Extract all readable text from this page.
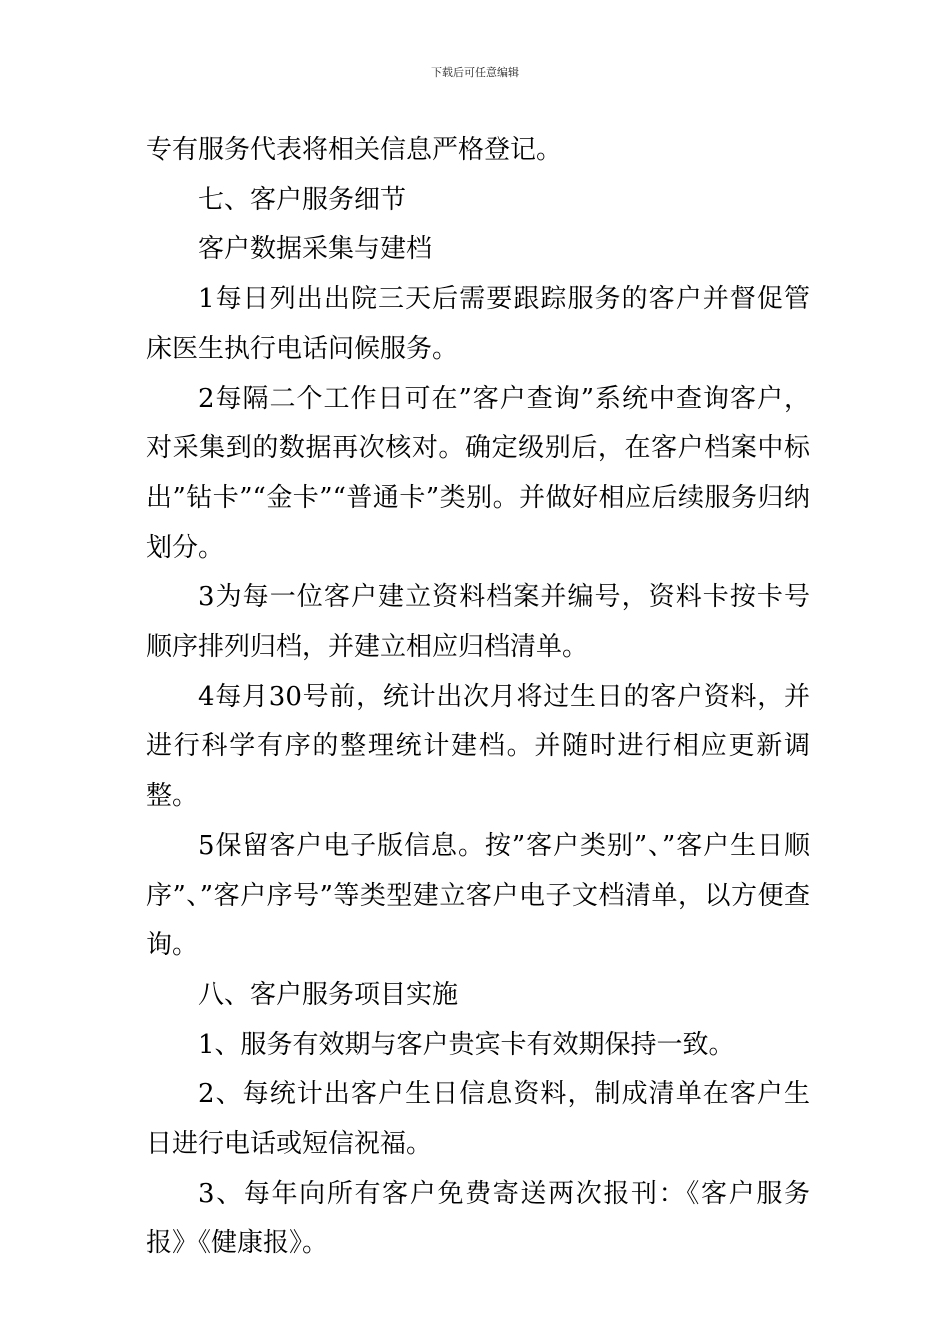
下载后可任意编辑

专有服务代表将相关信息严格登记。

七、客户服务细节

客户数据采集与建档

1每日列出出院三天后需要跟踪服务的客户并督促管床医生执行电话问候服务。

2每隔二个工作日可在”客户查询”系统中查询客户，对采集到的数据再次核对。确定级别后，在客户档案中标出”钻卡”“金卡”“普通卡”类别。并做好相应后续服务归纳划分。

3为每一位客户建立资料档案并编号，资料卡按卡号顺序排列归档，并建立相应归档清单。

4每月30号前，统计出次月将过生日的客户资料，并进行科学有序的整理统计建档。并随时进行相应更新调整。

5保留客户电子版信息。按”客户类别”、”客户生日顺序”、”客户序号”等类型建立客户电子文档清单，以方便查询。

八、客户服务项目实施

1、服务有效期与客户贵宾卡有效期保持一致。

2、每统计出客户生日信息资料，制成清单在客户生日进行电话或短信祝福。

3、每年向所有客户免费寄送两次报刊：《客户服务报》《健康报》。
